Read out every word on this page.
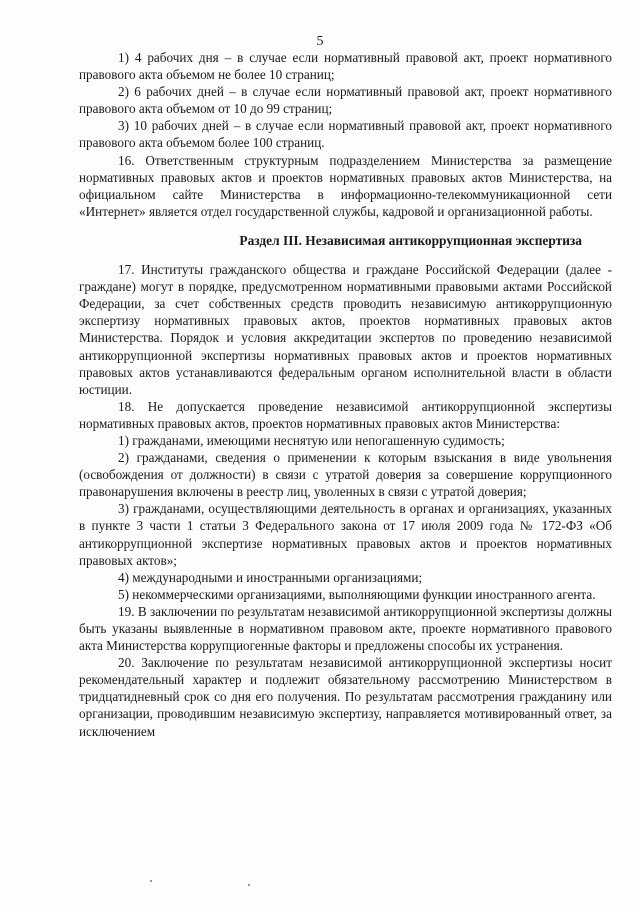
5

1) 4 рабочих дня – в случае если нормативный правовой акт, проект нормативного правового акта объемом не более 10 страниц;

2) 6 рабочих дней – в случае если нормативный правовой акт, проект нормативного правового акта объемом от 10 до 99 страниц;

3) 10 рабочих дней – в случае если нормативный правовой акт, проект нормативного правового акта объемом более 100 страниц.

16. Ответственным структурным подразделением Министерства за размещение нормативных правовых актов и проектов нормативных правовых актов Министерства, на официальном сайте Министерства в информационно-телекоммуникационной сети «Интернет» является отдел государственной службы, кадровой и организационной работы.

Раздел III. Независимая антикоррупционная экспертиза

17. Институты гражданского общества и граждане Российской Федерации (далее - граждане) могут в порядке, предусмотренном нормативными правовыми актами Российской Федерации, за счет собственных средств проводить независимую антикоррупционную экспертизу нормативных правовых актов, проектов нормативных правовых актов Министерства. Порядок и условия аккредитации экспертов по проведению независимой антикоррупционной экспертизы нормативных правовых актов и проектов нормативных правовых актов устанавливаются федеральным органом исполнительной власти в области юстиции.

18. Не допускается проведение независимой антикоррупционной экспертизы нормативных правовых актов, проектов нормативных правовых актов Министерства:

1) гражданами, имеющими неснятую или непогашенную судимость;

2) гражданами, сведения о применении к которым взыскания в виде увольнения (освобождения от должности) в связи с утратой доверия за совершение коррупционного правонарушения включены в реестр лиц, уволенных в связи с утратой доверия;

3) гражданами, осуществляющими деятельность в органах и организациях, указанных в пункте 3 части 1 статьи 3 Федерального закона от 17 июля 2009 года № 172-ФЗ «Об антикоррупционной экспертизе нормативных правовых актов и проектов нормативных правовых актов»;

4) международными и иностранными организациями;

5) некоммерческими организациями, выполняющими функции иностранного агента.

19. В заключении по результатам независимой антикоррупционной экспертизы должны быть указаны выявленные в нормативном правовом акте, проекте нормативного правового акта Министерства коррупциогенные факторы и предложены способы их устранения.

20. Заключение по результатам независимой антикоррупционной экспертизы носит рекомендательный характер и подлежит обязательному рассмотрению Министерством в тридцатидневный срок со дня его получения. По результатам рассмотрения гражданину или организации, проводившим независимую экспертизу, направляется мотивированный ответ, за исключением
